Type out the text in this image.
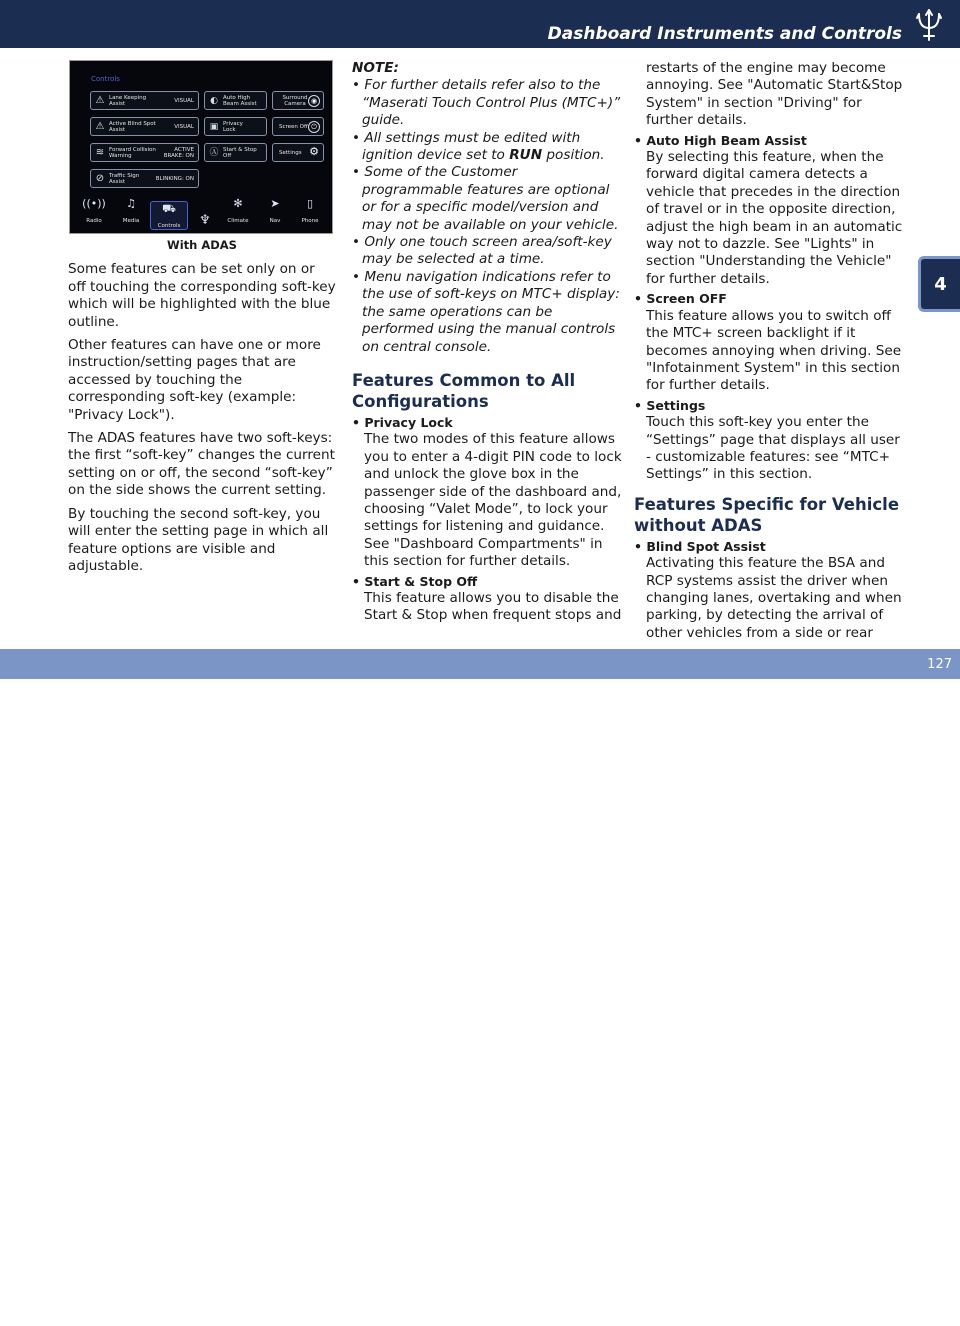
Dashboard Instruments and Controls
4
Controls
⚠ Lane Keeping Assist	VISUAL
⚠ Active Blind Spot Assist	VISUAL
≋ Forward Collision Warning
ACTIVE BRAKE: ON
⊘ Traffic Sign Assist	BLINKING: ON
◐ Auto High Beam Assist
▣ Privacy Lock
Ⓐ Start & Stop Off
Surround Camera ◉
Screen Off ⏻
Settings ⚙
((•))
Radio
♫
Media
⛟
Controls	♆
✻
Climate
➤
Nav
▯
Phone
With ADAS

Some features can be set only on or off touching the corresponding soft-key which will be highlighted with the blue outline.

Other features can have one or more instruction/setting pages that are accessed by touching the corresponding soft-key (example: "Privacy Lock").

The ADAS features have two soft-keys: the first “soft-key” changes the current setting on or off, the second “soft-key” on the side shows the current setting.

By touching the second soft-key, you will enter the setting page in which all feature options are visible and adjustable.

NOTE:
• For further details refer also to the “Maserati Touch Control Plus (MTC+)” guide.
• All settings must be edited with ignition device set to RUN position.
• Some of the Customer programmable features are optional or for a specific model/version and may not be available on your vehicle.
• Only one touch screen area/soft-key may be selected at a time.
• Menu navigation indications refer to the use of soft-keys on MTC+ display: the same operations can be performed using the manual controls on central console.
Features Common to All Configurations
• Privacy Lock
The two modes of this feature allows you to enter a 4-digit PIN code to lock and unlock the glove box in the passenger side of the dashboard and, choosing “Valet Mode”, to lock your settings for listening and guidance. See "Dashboard Compartments" in this section for further details.
• Start & Stop Off
This feature allows you to disable the Start & Stop when frequent stops and
restarts of the engine may become annoying. See "Automatic Start&Stop System" in section "Driving" for further details.
• Auto High Beam Assist
By selecting this feature, when the forward digital camera detects a vehicle that precedes in the direction of travel or in the opposite direction, adjust the high beam in an automatic way not to dazzle. See "Lights" in section "Understanding the Vehicle" for further details.
• Screen OFF
This feature allows you to switch off the MTC+ screen backlight if it becomes annoying when driving. See "Infotainment System" in this section for further details.
• Settings
Touch this soft-key you enter the “Settings” page that displays all user - customizable features: see “MTC+ Settings” in this section.
Features Specific for Vehicle without ADAS
• Blind Spot Assist
Activating this feature the BSA and RCP systems assist the driver when changing lanes, overtaking and when parking, by detecting the arrival of other vehicles from a side or rear
carmanualsonline.info
127
